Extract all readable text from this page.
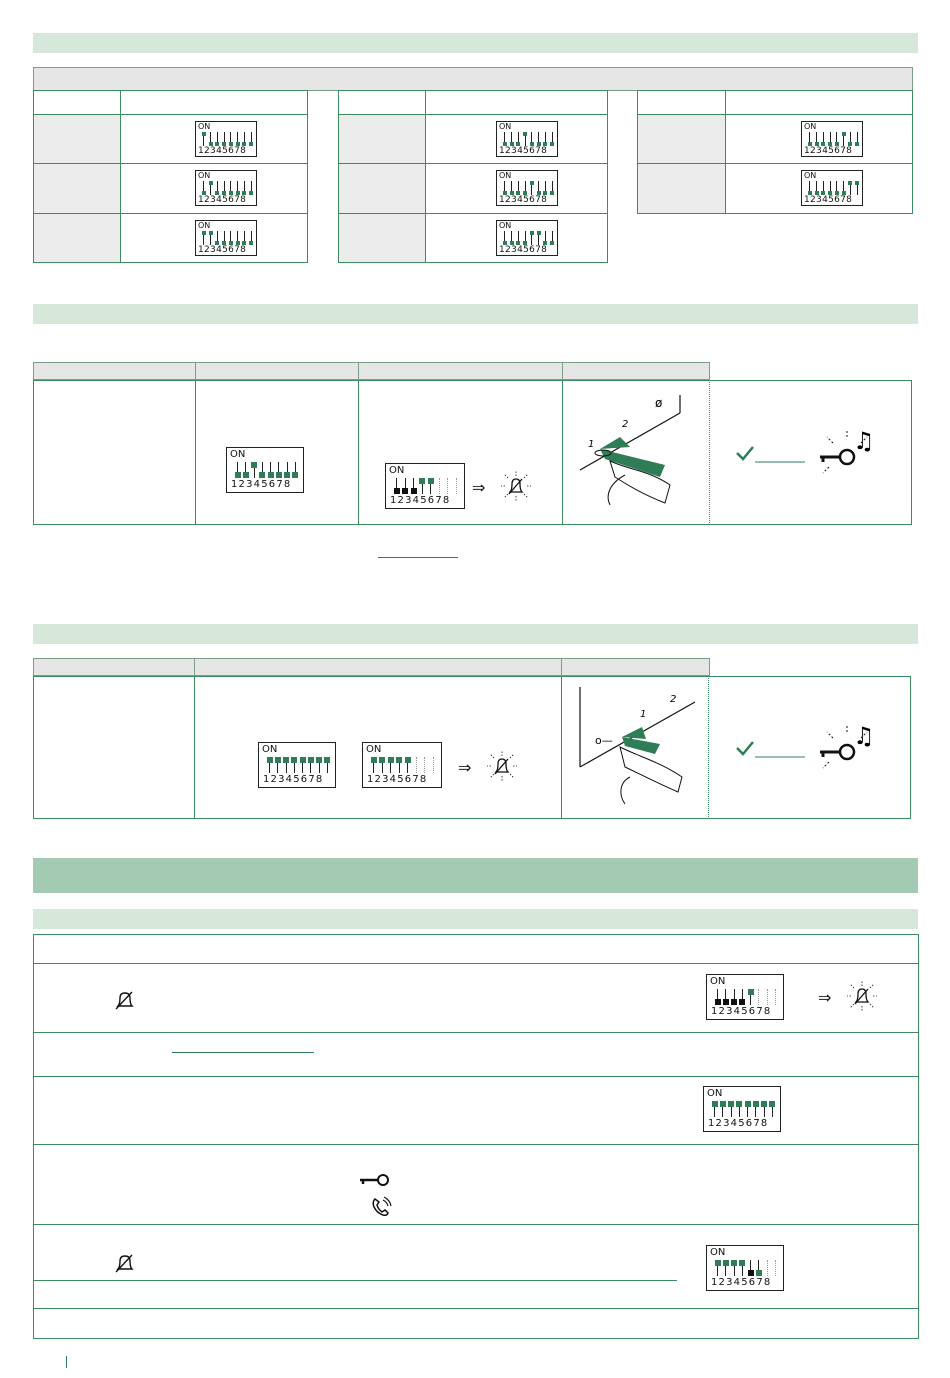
ON
12345678
ON
12345678
ON
12345678
ON
12345678
ON
12345678
ON
12345678
ON
12345678
ON
12345678
2
1
ø
2
1
o—
♫
♫
⇒
⇒
⇒
ON
12345678
ON
12345678
ON
12345678
ON
12345678
ON
12345678
ON
12345678
ON
12345678
